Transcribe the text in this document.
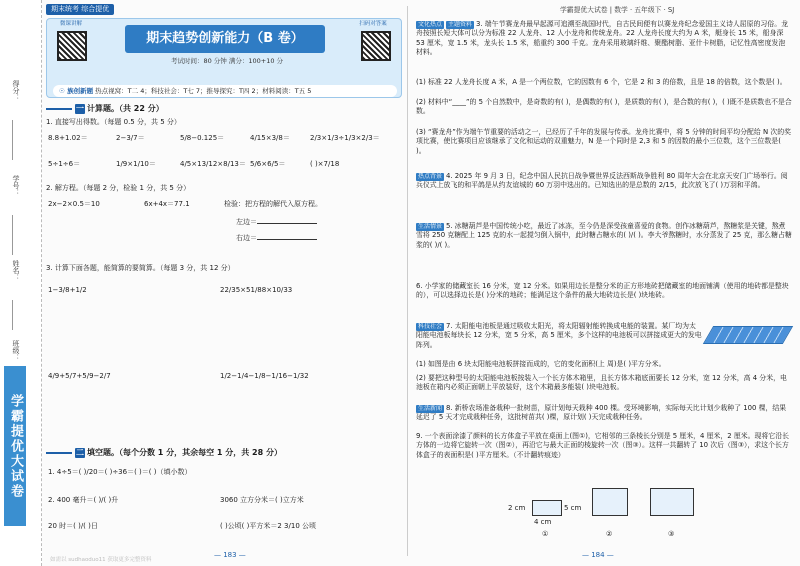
得分：
学号：
姓名：
班级：
学霸提优大试卷
期末统考 综合提优	学霸提优大试卷 | 数学 · 五年级下 · SJ
微课讲解
期末趋势创新能力（B 卷）
考试时间：80 分钟 满分：100+10 分
扫码对答案
☉ 族创新题 热点视窝：T二 4；科技社会：T七 7；推导探究：T四 2；材料阅读：T五 5
一 计算题。（共 22 分）
1. 直接写出得数。（每题 0.5 分，共 5 分）
8.8+1.02＝	2−3/7＝	5/8−0.125＝	4/15×3/8＝	2/3×1/3÷1/3×2/3＝
5÷1÷6＝	1/9×1/10＝	4/5×13/12×8/13＝ 5/6×6/5＝	( )×7/18
2. 解方程。（每题 2 分，检验 1 分，共 5 分）
2x−2×0.5＝10	6x+4x＝77.1	检验：把方程的解代入原方程。
左边＝
右边＝
3. 计算下面各题，能简算的要简算。（每题 3 分，共 12 分）
1−3/8+1/2	22/35×51/88×10/33
4/9+5/7+5/9−2/7	1/2−1/4−1/8−1/16−1/32
二 填空题。（每个分数 1 分，其余每空 1 分，共 28 分）
1. 4÷5＝( )/20＝( )÷36＝( )＝( )（填小数）
2. 400 毫升＝( )/( )升	3060 立方分米＝( )立方米
20 时＝( )/( )日	( )公顷( )平方米＝2 3/10 公顷
— 183 —
文化热点 主题资料 3. 端午节赛龙舟最早起源可追溯至战国时代，自古民间便有以赛龙舟纪念爱国主义诗人屈原的习俗。龙舟按照长短大体可以分为标准 22 人龙舟、12 人小龙舟和传统龙舟。22 人龙舟长度大约为 A 米，艇身长 15 米，船身深 53 厘米，宽 1.5 米，龙头长 1.5 米，船重约 300 千克。龙舟采用玻璃纤维、聚酯树脂、亚什卡树脂，记忆性高密度发泡材料。
(1) 标准 22 人龙舟长度 A 米，A 是一个两位数，它的因数有 6 个，它是 2 和 3 的倍数，且是 18 的倍数，这个数是( )。
(2) 材料中“____”的 5 个自然数中，是奇数的有( )，是偶数的有( )，是质数的有( )，是合数的有( )，( )既不是质数也不是合数。
(3) “赛龙舟”作为端午节重要的活动之一，已经历了千年的发展与传承。龙舟比赛中，将 5 分钟的时间平均分配给 N 次的奖项比赛，使比赛项目应该继承了文化和运动的双重魅力，N 是一个同时是 2,3 和 5 的因数的最小三位数，这个三位数是( )。
热点背景 4. 2025 年 9 月 3 日，纪念中国人民抗日战争暨世界反法西斯战争胜利 80 周年大会在北京天安门广场举行。阅兵仪式上放飞的和平鸽是从约友谊城的 60 万羽中选出的。已知选出的是总数的 2/15，此次放飞了( )万羽和平鸽。
生活情景 5. 冰糖葫芦是中国传统小吃，最近了冰冻，至今仍是深受孩童喜爱的食物。创作冰糖葫芦，熬糖浆是关键，熬煮雪将 250 克糖配上 125 克的水一起搅匀倒入锅中，此时糖占糖水的( )/( )。李大爷熬糖时，水分蒸发了 25 克，那么糖占糖浆的( )/( )。
6. 小学家的储藏室长 16 分米，宽 12 分米。如果用边长是整分米的正方形地砖把储藏室的地面铺满（使用的地砖都是整块的），可以选择边长是( )分米的地砖；能满足这个条件的最大地砖边长是( )块地砖。
科技社会 7. 太阳能电池板是通过吸收太阳光，将太阳辐射能转换成电能的装置。某厂均为太阳能电池板每块长 12 分米，宽 5 分米，高 5 厘米，多个这样的电池板可以拼接成更大的发电阵列。
(1) 如图是由 6 块太阳能电池板拼接而成的，它的变化面积(上 周)是( )平方分米。
(2) 要把这种型号的太阳能电池板按装入一个长方体木箱里，且长方体木箱底面要长 12 分米，宽 12 分米，高 4 分米，电池板在箱内必须正面朝上平放装好，这个木箱最多能装( )块电池板。
生活新闻 8. 新桥农场准备栽种一批树苗，原计划每天栽种 400 棵。受环境影响，实际每天比计划少栽种了 100 棵，结果延迟了 5 天才完成栽种任务，这批树苗共( )棵，原计划( )天完成栽种任务。
9. 一个表面涂漆了颜料的长方体盒子平放在桌面上(图①)，它相邻的三条棱长分别是 5 厘米，4 厘米，2 厘米。现将它沿长方体的一边将它旋转一次（图②），再沿它与最大正面的棱旋转一次（图③）。这样一共翻转了 10 次后（图③），求这个长方体盒子的表面积是( )平方厘米。（不计翻转痕迹）
2 cm	5 cm
4 cm
①	②	③
— 184 —
如需以 sudhaoduo11 获取更多完整资料
